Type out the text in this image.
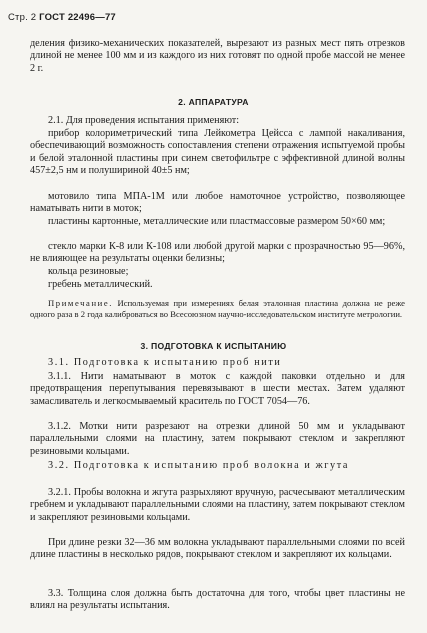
Стр. 2 ГОСТ 22496—77
деления физико-механических показателей, вырезают из разных мест пять отрезков длиной не менее 100 мм и из каждого из них готовят по одной пробе массой не менее 2 г.
2. АППАРАТУРА
2.1. Для проведения испытания применяют:
прибор колориметрический типа Лейкометра Цейсса с лампой накаливания, обеспечивающий возможность сопоставления степени отражения испытуемой пробы и белой эталонной пластины при синем светофильтре с эффективной длиной волны 457±2,5 нм и полушириной 40±5 нм;
мотовило типа МПА-1М или любое намоточное устройство, позволяющее наматывать нити в моток;
пластины картонные, металлические или пластмассовые размером 50×60 мм;
стекло марки К-8 или К-108 или любой другой марки с прозрачностью 95—96%, не влияющее на результаты оценки белизны;
кольца резиновые;
гребень металлический.
Примечание. Используемая при измерениях белая эталонная пластина должна не реже одного раза в 2 года калиброваться во Всесоюзном научно-исследовательском институте метрологии.
3. ПОДГОТОВКА К ИСПЫТАНИЮ
3.1. Подготовка к испытанию проб нити
3.1.1. Нити наматывают в моток с каждой паковки отдельно и для предотвращения перепутывания перевязывают в шести местах. Затем удаляют замасливатель и легкосмываемый краситель по ГОСТ 7054—76.
3.1.2. Мотки нити разрезают на отрезки длиной 50 мм и укладывают параллельными слоями на пластину, затем покрывают стеклом и закрепляют резиновыми кольцами.
3.2. Подготовка к испытанию проб волокна и жгута
3.2.1. Пробы волокна и жгута разрыхляют вручную, расчесывают металлическим гребнем и укладывают параллельными слоями на пластину, затем покрывают стеклом и закрепляют резиновыми кольцами.
При длине резки 32—36 мм волокна укладывают параллельными слоями по всей длине пластины в несколько рядов, покрывают стеклом и закрепляют их кольцами.
3.3. Толщина слоя должна быть достаточна для того, чтобы цвет пластины не влиял на результаты испытания.
